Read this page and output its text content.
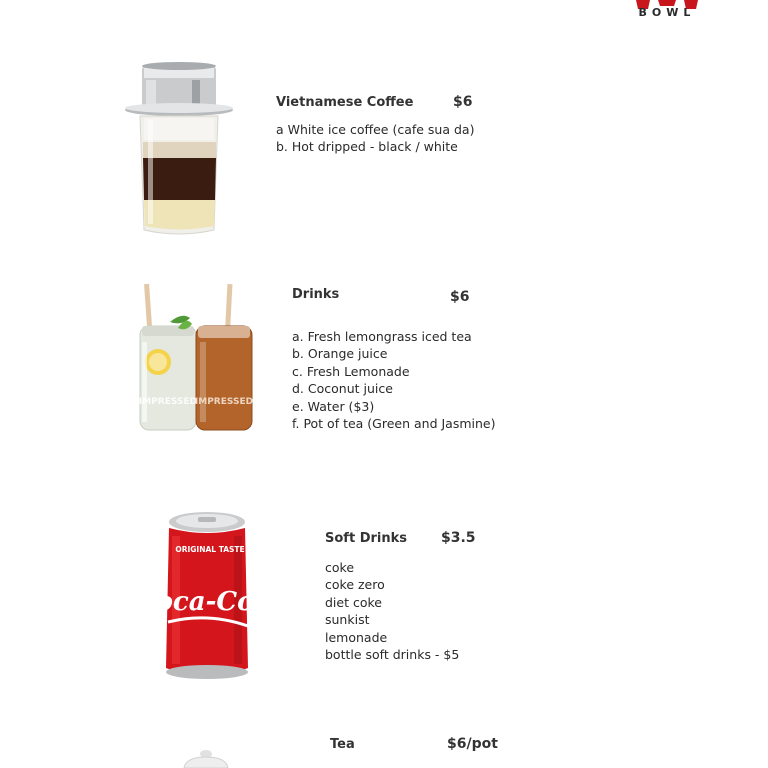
BOWL
Vietnamese Coffee	$6
a White ice coffee (cafe sua da)
b. Hot dripped - black / white
IMPRESSED
IMPRESSED
Drinks	$6
a. Fresh lemongrass iced tea
b. Orange juice
c. Fresh Lemonade
d. Coconut juice
e. Water ($3)
f. Pot of tea (Green and Jasmine)
ORIGINAL TASTE
Coca-Cola
Soft Drinks $3.5
coke
coke zero
diet coke
sunkist
lemonade
bottle soft drinks - $5
Tea	$6/pot
